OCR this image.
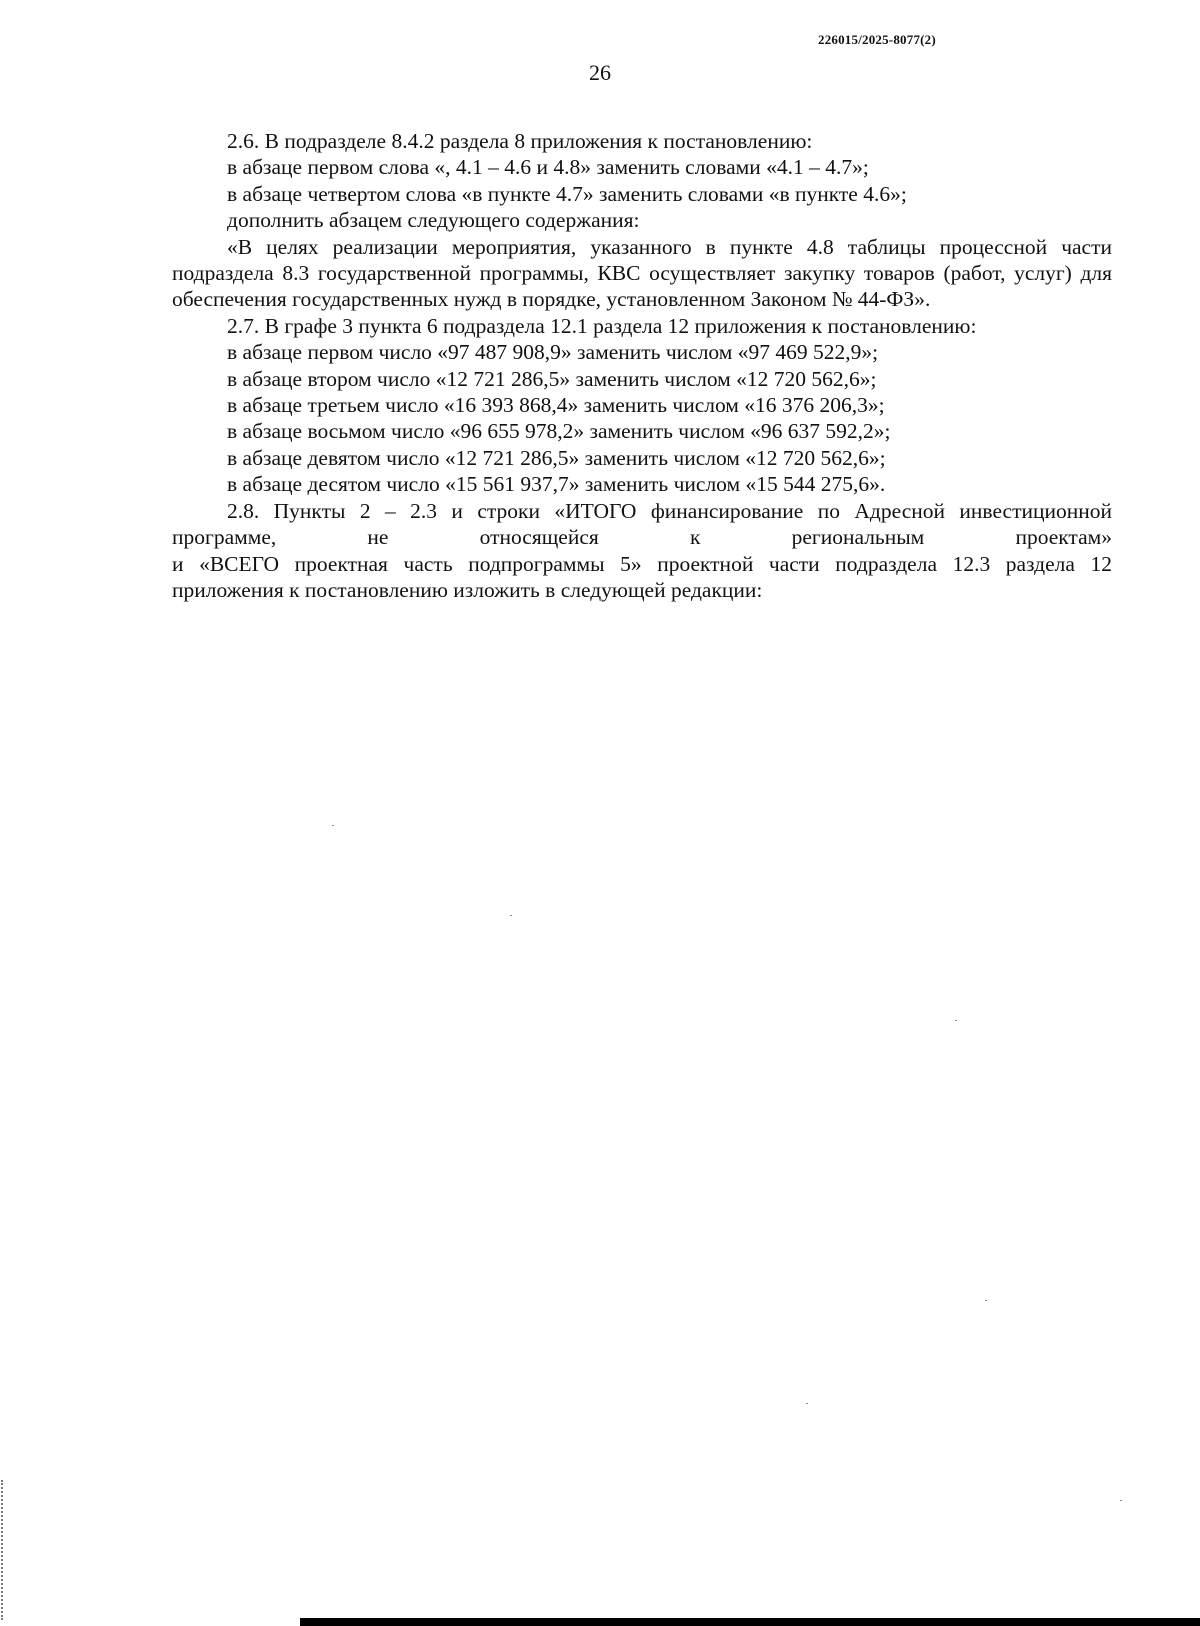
226015/2025-8077(2)
26

2.6. В подразделе 8.4.2 раздела 8 приложения к постановлению:

в абзаце первом слова «, 4.1 – 4.6 и 4.8» заменить словами «4.1 – 4.7»;

в абзаце четвертом слова «в пункте 4.7» заменить словами «в пункте 4.6»;

дополнить абзацем следующего содержания:

«В целях реализации мероприятия, указанного в пункте 4.8 таблицы процессной части подраздела 8.3 государственной программы, КВС осуществляет закупку товаров (работ, услуг) для обеспечения государственных нужд в порядке, установленном Законом № 44-ФЗ».

2.7. В графе 3 пункта 6 подраздела 12.1 раздела 12 приложения к постановлению:

в абзаце первом число «97 487 908,9» заменить числом «97 469 522,9»;

в абзаце втором число «12 721 286,5» заменить числом «12 720 562,6»;

в абзаце третьем число «16 393 868,4» заменить числом «16 376 206,3»;

в абзаце восьмом число «96 655 978,2» заменить числом «96 637 592,2»;

в абзаце девятом число «12 721 286,5» заменить числом «12 720 562,6»;

в абзаце десятом число «15 561 937,7» заменить числом «15 544 275,6».

2.8. Пункты 2 – 2.3 и строки «ИТОГО финансирование по Адресной инвестиционной программе, не относящейся к региональным проектам»

и «ВСЕГО проектная часть подпрограммы 5» проектной части подраздела 12.3 раздела 12 приложения к постановлению изложить в следующей редакции:
